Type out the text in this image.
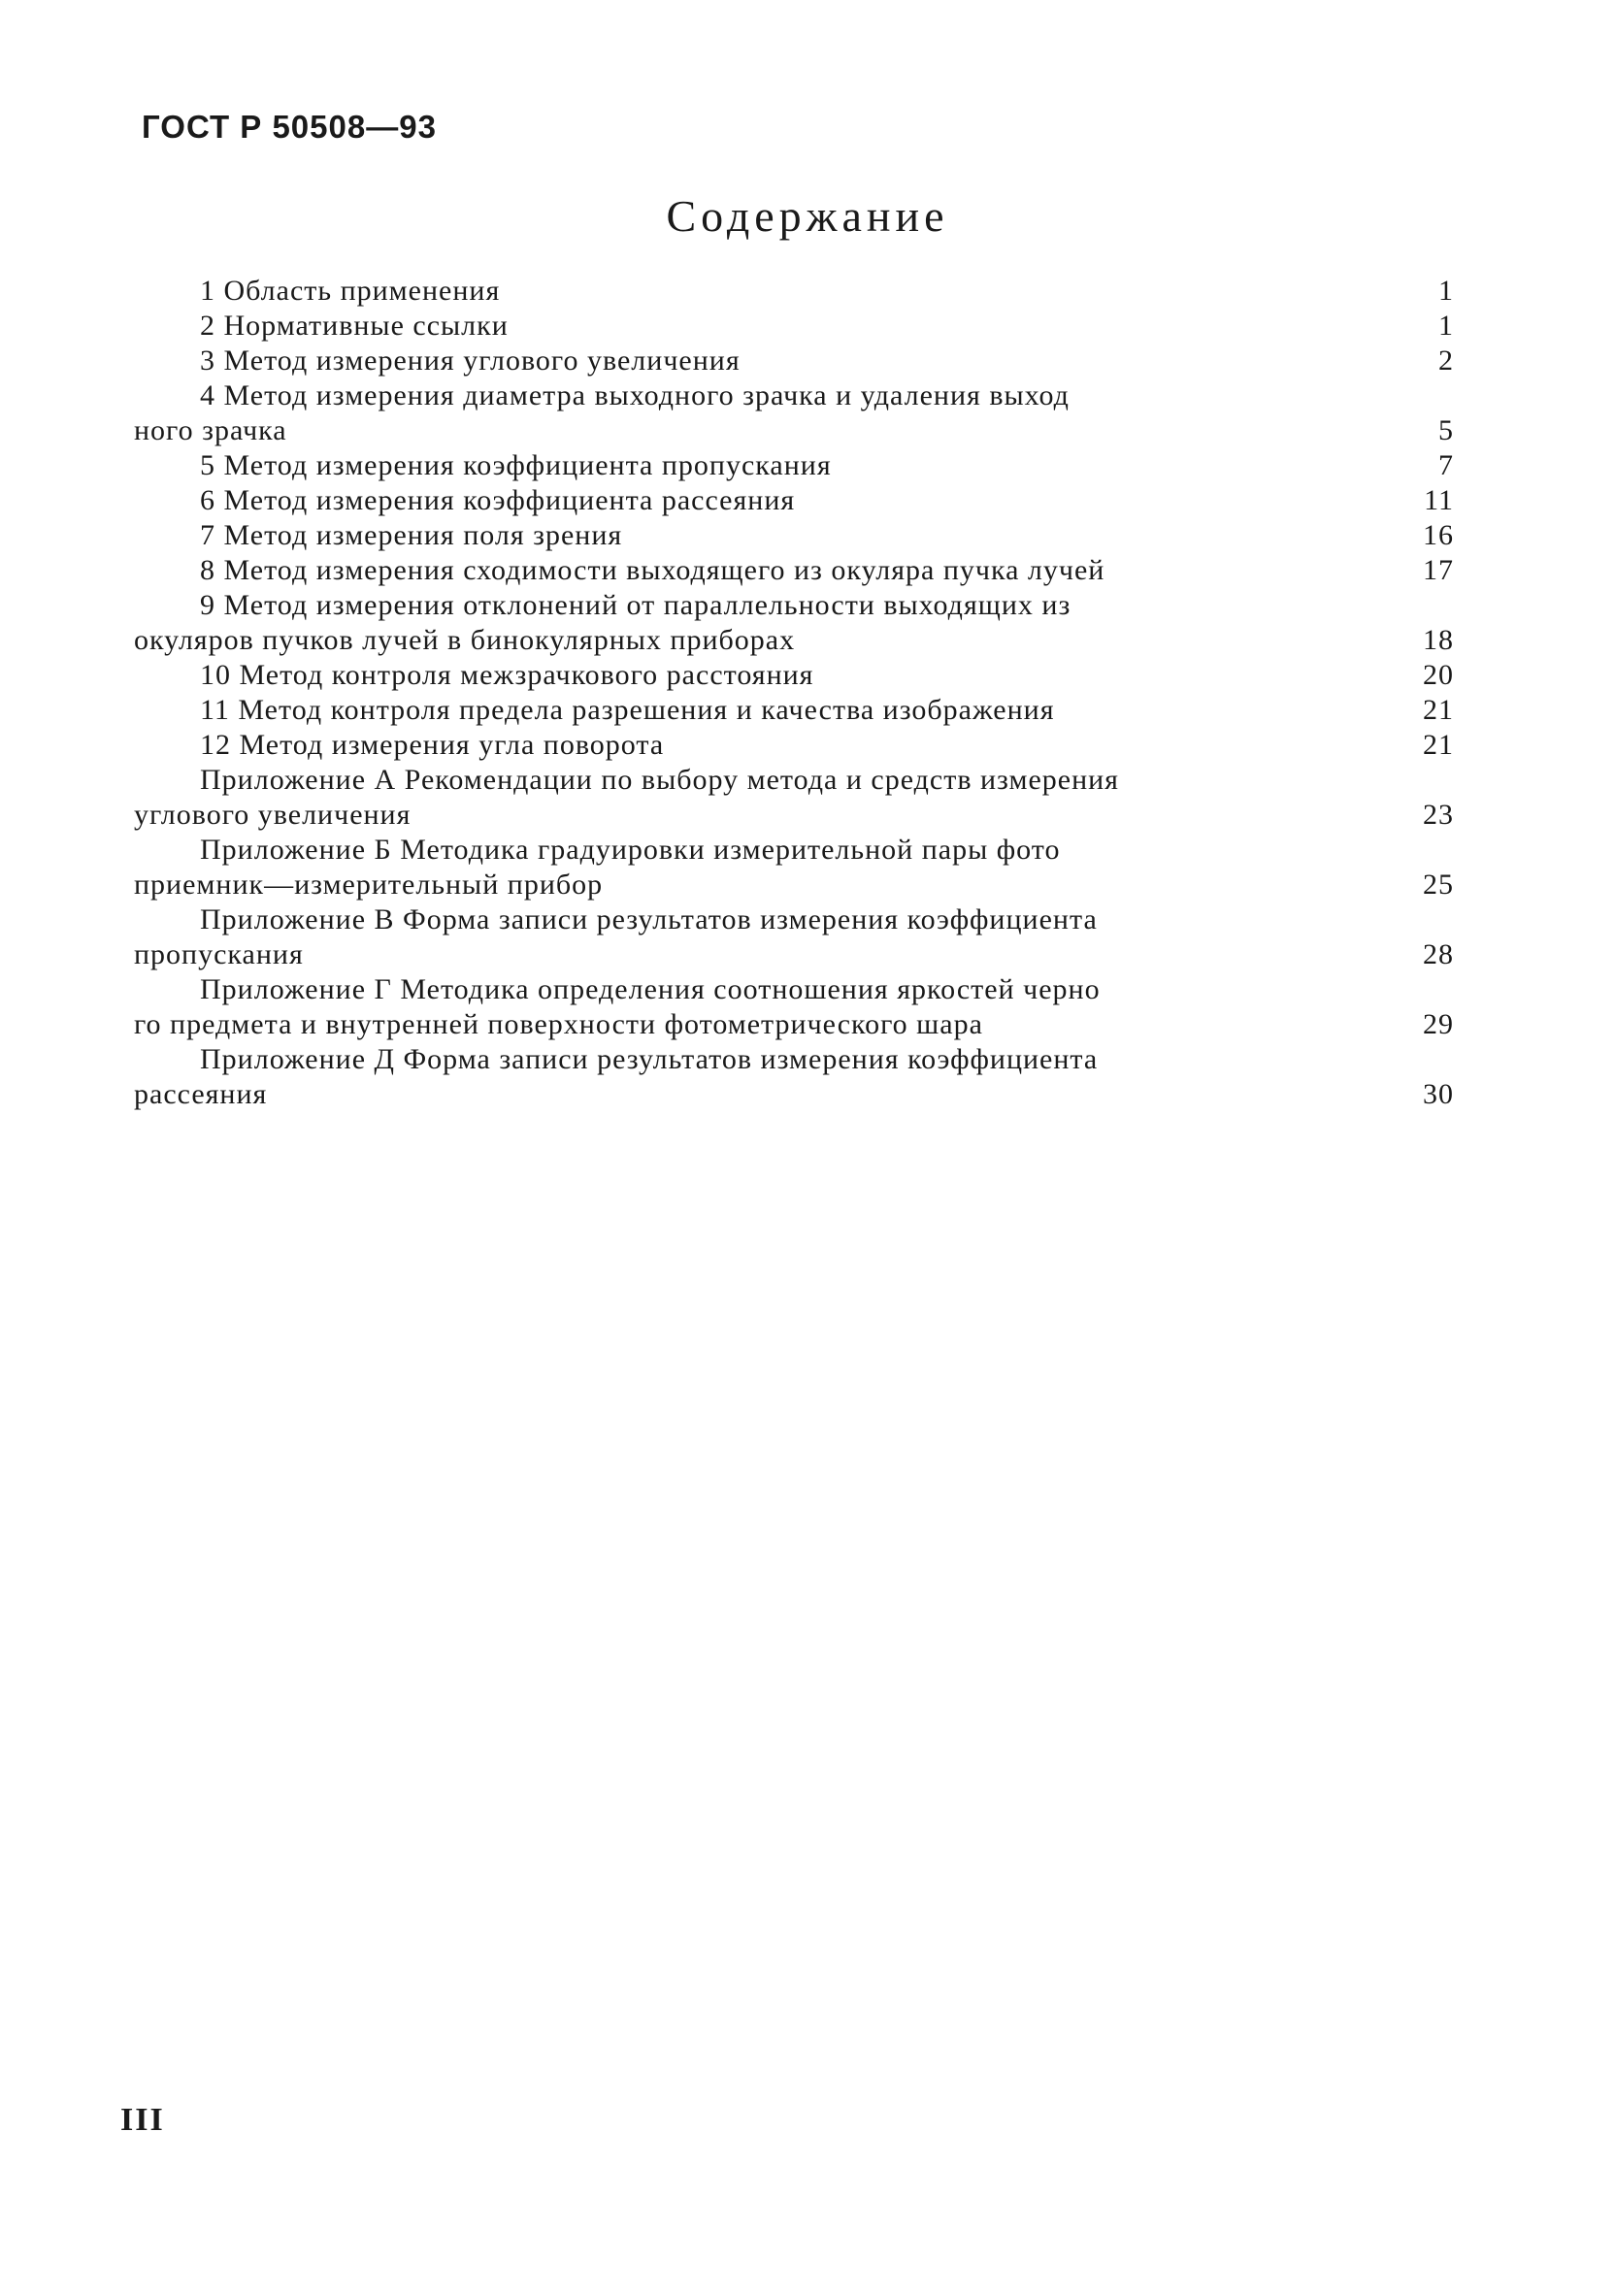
ГОСТ Р 50508—93
Содержание
1 Область применения	1
2 Нормативные ссылки	1
3 Метод измерения углового увеличения	2
4 Метод измерения диаметра выходного зрачка и удаления выход
ного зрачка	5
5 Метод измерения коэффициента пропускания	7
6 Метод измерения коэффициента рассеяния	11
7 Метод измерения поля зрения	16
8 Метод измерения сходимости выходящего из окуляра пучка лучей	17
9 Метод измерения отклонений от параллельности выходящих из
окуляров пучков лучей в бинокулярных приборах	18
10 Метод контроля межзрачкового расстояния	20
11 Метод контроля предела разрешения и качества изображения	21
12 Метод измерения угла поворота	21
Приложение А Рекомендации по выбору метода и средств измерения
углового увеличения	23
Приложение Б Методика градуировки измерительной пары фото
приемник—измерительный прибор	25
Приложение В Форма записи результатов измерения коэффициента
пропускания	28
Приложение Г Методика определения соотношения яркостей черно
го предмета и внутренней поверхности фотометрического шара	29
Приложение Д Форма записи результатов измерения коэффициента
рассеяния	30
III
